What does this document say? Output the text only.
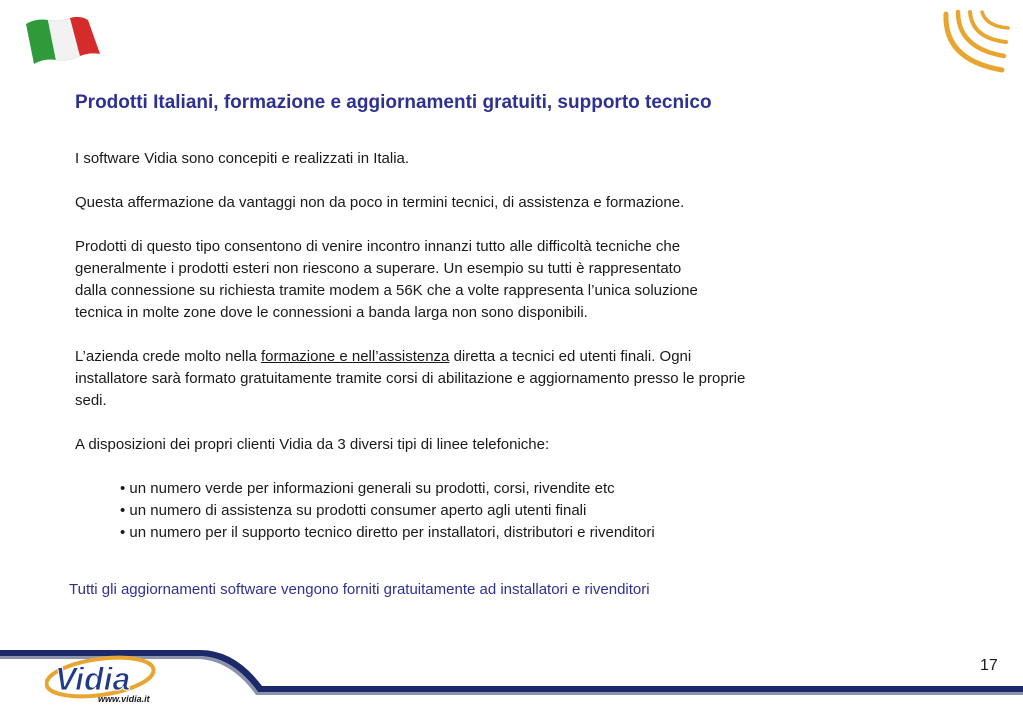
Prodotti Italiani, formazione e aggiornamenti gratuiti, supporto tecnico

I software Vidia sono concepiti e realizzati in Italia.

Questa affermazione da vantaggi non da poco in termini tecnici, di assistenza e formazione.

Prodotti di questo tipo consentono di venire incontro innanzi tutto alle difficoltà tecniche che
generalmente i prodotti esteri non riescono a superare. Un esempio su tutti è rappresentato
dalla connessione su richiesta tramite modem a 56K che a volte rappresenta l’unica soluzione
tecnica in molte zone dove le connessioni a banda larga non sono disponibili.

L’azienda crede molto nella formazione e nell’assistenza diretta a tecnici ed utenti finali. Ogni
installatore sarà formato gratuitamente tramite corsi di abilitazione e aggiornamento presso le proprie
sedi.

A disposizioni dei propri clienti Vidia da 3 diversi tipi di linee telefoniche:

• un numero verde per informazioni generali su prodotti, corsi, rivendite etc
• un numero di assistenza su prodotti consumer aperto agli utenti finali
• un numero per il supporto tecnico diretto per installatori, distributori e rivenditori
Tutti gli aggiornamenti software vengono forniti gratuitamente ad installatori e rivenditori
17
Vidia
www.vidia.it
